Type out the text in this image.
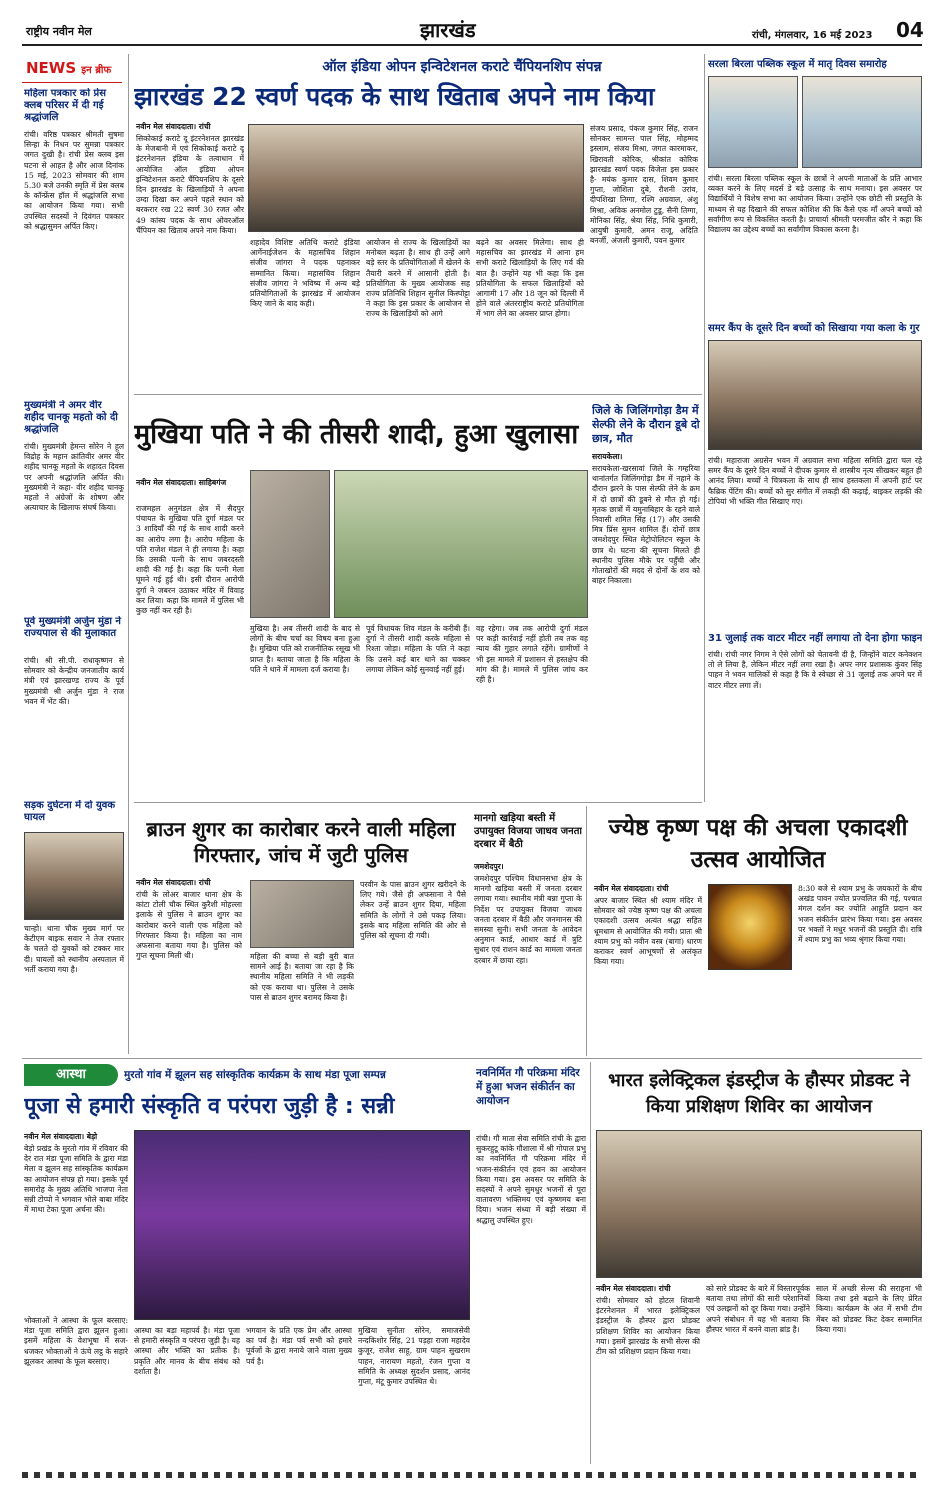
राष्ट्रीय नवीन मेल	झारखंड	रांची, मंगलवार, 16 मई 2023 04
NEWS इन ब्रीफ
महिला पत्रकार को प्रेस क्लब परिसर में दी गई श्रद्धांजलि
रांची। वरिष्ठ पत्रकार श्रीमती सुषमा सिन्हा के निधन पर सुमन्ना पत्रकार जगत दुखी है। रांची प्रेस क्लब इस घटना से आहत है और आज दिनांक 15 मई, 2023 सोमवार की शाम 5.30 बजे उनकी स्मृति में प्रेस क्लब के कॉन्फ्रेंस हॉल में श्रद्धांजलि सभा का आयोजन किया गया। सभी उपस्थित सदस्यों ने दिवंगत पत्रकार को श्रद्धासुमन अर्पित किए।
मुख्यमंत्री ने अमर वीर शहीद चानकू महतो को दी श्रद्धांजलि
रांची। मुख्यमंत्री हेमन्त सोरेन ने हूल विद्रोह के महान क्रांतिवीर अमर वीर शहीद चानकू महतो के शहादत दिवस पर अपनी श्रद्धांजलि अर्पित की। मुख्यमंत्री ने कहा- वीर शहीद चानकू महतो ने अंग्रेजों के शोषण और अत्याचार के खिलाफ संघर्ष किया।
पूर्व मुख्यमंत्री अर्जुन मुंडा ने राज्यपाल से की मुलाकात
रांची। श्री सी.पी. राधाकृष्णन से सोमवार को केन्द्रीय जनजातीय कार्य मंत्री एवं झारखण्ड राज्य के पूर्व मुख्यमंत्री श्री अर्जुन मुंडा ने राज भवन में भेंट की।
सड़क दुर्घटना में दो युवक घायल
चान्हो। थाना चौक मुख्य मार्ग पर केटीएम बाइक सवार ने तेज रफ्तार के चलते दो युवकों को टक्कर मार दी। घायलों को स्थानीय अस्पताल में भर्ती कराया गया है।
ऑल इंडिया ओपन इन्विटेशनल कराटे चैंपियनशिप संपन्न
झारखंड 22 स्वर्ण पदक के साथ खिताब अपने नाम किया
नवीन मेल संवाददाता। रांची
सिकोकाई कराटे दू इंटरनेशनल झारखंड के मेजबानी में एवं सिकोकाई कराटे दू इंटरनेशनल इंडिया के तत्वाधान में आयोजित ऑल इंडिया ओपन इन्विटेशनल कराटे चैंपियनशिप के दूसरे दिन झारखंड के खिलाड़ियों ने अपना उम्दा दिखा कर अपने पहले स्थान को बरकरार रख 22 स्वर्ण 30 रजत और 49 कांस्य पदक के साथ ओवरऑल चैंपियन का खिताब अपने नाम किया।
शहादेव विशिष्ट अतिथि कराटे इंडिया आर्गेनाईजेशन के महासचिव शिहान संजीव जांगरा ने पदक पहनाकर सम्मानित किया। महासचिव शिहान संजीव जांगरा ने भविष्य में अन्य बड़े प्रतियोगिताओं के झारखंड में आयोजन किए जाने के बाद कही।
आयोजन से राज्य के खिलाड़ियों का मनोबल बढ़ता है। साथ ही उन्हें आगे बड़े स्तर के प्रतियोगिताओं में खेलने के तैयारी करने में आसानी होती है। प्रतियोगिता के मुख्य आयोजक सह राज्य प्रतिनिधि शिहान सुनील किस्पोट्टा ने कहा कि इस प्रकार के आयोजन से राज्य के खिलाड़ियों को आगे
बढ़ने का अवसर मिलेगा। साथ ही महासचिव का झारखंड में आना हम सभी कराटे खिलाड़ियों के लिए गर्व की बात है। उन्होंने यह भी कहा कि इस प्रतियोगिता के सफल खिलाड़ियों को आगामी 17 और 18 जून को दिल्ली में होने वाले अंतरराष्ट्रीय कराटे प्रतियोगिता में भाग लेने का अवसर प्राप्त होगा।
संजय प्रसाद, पंकज कुमार सिंह, राजन सोनकर सामन्त पाल सिंह, मोहम्मद इस्लाम, संजय मिश्रा, जगत कारमाकर, खिरावती कोरिक, श्रीकांत कोरिक झारखंड स्वर्ण पदक विजेता इस प्रकार है- मयंक कुमार दास, शिवम कुमार गुप्ता, जोशिता दुबे, रौशनी उरांव, दीपशिखा तिग्गा, रश्मि अग्रवाल, अंशु मिश्रा, अविक अनमोल टुडू, सैनी तिग्गा, मोनिका सिंह, श्रेया सिंह, निधि कुमारी, आयुषी कुमारी, अमन राजू, अदिति बनर्जी, अंजली कुमारी, पवन कुमार
मुखिया पति ने की तीसरी शादी, हुआ खुलासा
नवीन मेल संवाददाता। साहिबगंज
राजमहल अनुमंडल क्षेत्र में सैदपुर पंचायत के मुखिया पति दुर्गा मंडल पर 3 शादियाँ की गई के साथ शादी करने का आरोप लगा है। आरोप महिला के पति राजेश मंडल ने ही लगाया है। कहा कि उसकी पत्नी के साथ जबरदस्ती शादी की गई है। कहा कि पत्नी मेला घूमने गई हुई थी। इसी दौरान आरोपी दुर्गा ने जबरन उठाकर मंदिर में विवाह कर लिया। कहा कि मामले में पुलिस भी कुछ नहीं कर रही है।
मुखिया है। अब तीसरी शादी के बाद से लोगों के बीच चर्चा का विषय बना हुआ है। मुखिया पति को राजनीतिक रसूख भी प्राप्त है। बताया जाता है कि महिला के पति ने थाने में मामला दर्ज कराया है।
पूर्व विधायक शिव मंडल के करीबी हैं। दुर्गा ने तीसरी शादी करके महिला से रिश्ता जोड़ा। महिला के पति ने कहा कि उसने कई बार थाने का चक्कर लगाया लेकिन कोई सुनवाई नहीं हुई।
वह रहेगा। जब तक आरोपी दुर्गा मंडल पर कड़ी कार्रवाई नहीं होती तब तक वह न्याय की गुहार लगाते रहेंगे। ग्रामीणों ने भी इस मामले में प्रशासन से हस्तक्षेप की मांग की है। मामले में पुलिस जांच कर रही है।
जिले के जिलिंगगोड़ा डैम में सेल्फी लेने के दौरान डूबे दो छात्र, मौत
सरायकेला।
सरायकेला-खरसावां जिले के गम्हरिया थानांतर्गत जिलिंगगोड़ा डैम में नहाने के दौरान झरने के पास सेल्फी लेने के क्रम में दो छात्रों की डूबने से मौत हो गई। मृतक छात्रों में यमुनाबिहार के रहने वाले निवासी शमित सिंह (17) और उसकी मित्र प्रिंस सुमन शामिल हैं। दोनों छात्र जमशेदपुर स्थित मेट्रोपोलिटन स्कूल के छात्र थे। घटना की सूचना मिलते ही स्थानीय पुलिस मौके पर पहुँची और गोताखोरों की मदद से दोनों के शव को बाहर निकाला।
सरला बिरला पब्लिक स्कूल में मातृ दिवस समारोह
रांची। सरला बिरला पब्लिक स्कूल के छात्रों ने अपनी माताओं के प्रति आभार व्यक्त करने के लिए मदर्स डे बड़े उत्साह के साथ मनाया। इस अवसर पर विद्यार्थियों ने विशेष सभा का आयोजन किया। उन्होंने एक छोटी सी प्रस्तुति के माध्यम से यह दिखाने की सफल कोशिश की कि कैसे एक माँ अपने बच्चों को सर्वांगीण रूप से विकसित करती है। प्राचार्या श्रीमती परमजीत कौर ने कहा कि विद्यालय का उद्देश्य बच्चों का सर्वांगीण विकास करना है।
समर कैंप के दूसरे दिन बच्चों को सिखाया गया कला के गुर
रांची। महाराजा अग्रसेन भवन में अग्रवाल सभा महिला समिति द्वारा चल रहे समर कैंप के दूसरे दिन बच्चों ने दीपक कुमार से शास्त्रीय नृत्य सीखकर बहुत ही आनंद लिया। बच्चों ने चित्रकला के साथ ही साथ हस्तकला में अपनी हार्ट पर फैब्रिक पेंटिंग की। बच्चों को सुर संगीत में लकड़ी की कढ़ाई, बाइकर लड़की की टोपियां भी भक्ति गीत सिखाए गए।
31 जुलाई तक वाटर मीटर नहीं लगाया तो देना होगा फाइन
रांची। रांची नगर निगम ने ऐसे लोगों को चेतावनी दी है, जिन्होंने वाटर कनेक्शन तो ले लिया है, लेकिन मीटर नहीं लगा रखा है। अपर नगर प्रशासक कुंवर सिंह पाहन ने भवन मालिकों से कहा है कि वे स्वेच्छा से 31 जुलाई तक अपने घर में वाटर मीटर लगा लें।
ब्राउन शुगर का कारोबार करने वाली महिला गिरफ्तार, जांच में जुटी पुलिस
नवीन मेल संवाददाता। रांची
रांची के लोअर बाजार थाना क्षेत्र के कांटा टोली चौक स्थित कुरैशी मोहल्ला इलाके से पुलिस ने ब्राउन शुगर का कारोबार करने वाली एक महिला को गिरफ्तार किया है। महिला का नाम अफसाना बताया गया है। पुलिस को गुप्त सूचना मिली थी।	महिला की बच्चा से बड़ी बुरी बात सामने आई है। बताया जा रहा है कि स्थानीय महिला समिति ने भी लड़की को एक कराया था। पुलिस ने उसके पास से ब्राउन शुगर बरामद किया है।
परवीन के पास ब्राउन शुगर खरीदने के लिए गये। जैसे ही अफसाना ने पैसे लेकर उन्हें ब्राउन शुगर दिया, महिला समिति के लोगों ने उसे पकड़ लिया। इसके बाद महिला समिति की ओर से पुलिस को सूचना दी गयी।
मानगो खड़िया बस्ती में उपायुक्त विजया जाधव जनता दरबार में बैठी
जमशेदपुर।
जमशेदपुर पश्चिम विधानसभा क्षेत्र के मानगो खड़िया बस्ती में जनता दरबार लगाया गया। स्थानीय मंत्री बन्ना गुप्ता के निर्देश पर उपायुक्त विजया जाधव जनता दरबार में बैठी और जनमानस की समस्या सुनी। सभी जनता के आवेदन अनुमान कार्ड, आधार कार्ड में त्रुटि सुधार एवं राशन कार्ड का मामला जनता दरबार में छाया रहा।
ज्येष्ठ कृष्ण पक्ष की अचला एकादशी उत्सव आयोजित
नवीन मेल संवाददाता। रांची
अपर बाजार स्थित श्री श्याम मंदिर में सोमवार को ज्येष्ठ कृष्ण पक्ष की अचला एकादशी उत्सव अत्यंत श्रद्धा सहित धूमधाम से आयोजित की गयी। प्रातः श्री श्याम प्रभु को नवीन वस्त्र (बागा) धारण कराकर स्वर्ण आभूषणों से अलंकृत किया गया।
8:30 बजे से श्याम प्रभु के जयकारों के बीच अखंड पावन ज्योत प्रज्वलित की गई, पश्चात मंगल दर्शन कर ज्योति आहुति प्रदान कर भजन संकीर्तन प्रारंभ किया गया। इस अवसर पर भक्तों ने मधुर भजनों की प्रस्तुति दी। रात्रि में श्याम प्रभु का भव्य श्रृंगार किया गया।
आस्था	मुरतो गांव में झूलन सह सांस्कृतिक कार्यक्रम के साथ मंडा पूजा सम्पन्न
पूजा से हमारी संस्कृति व परंपरा जुड़ी है : सन्नी
नवीन मेल संवाददाता। बेड़ो
बेड़ो प्रखंड के मुरतो गांव में रविवार की देर रात मंडा पूजा समिति के द्वारा मंडा मेला व झूलन सह सांस्कृतिक कार्यक्रम का आयोजन संपन्न हो गया। इसके पूर्व समारोह के मुख्य अतिथि भाजपा नेता सन्नी टोप्पो ने भगवान भोले बाबा मंदिर में माथा टेका पूजा अर्चना की।
भोक्ताओं ने आस्था के फूल बरसाए: मंडा पूजा समिति द्वारा झूलन हुआ। इसमें महिला के वेशभूषा में सज-धजकर भोक्ताओं ने ऊंचे लट्ठ के सहारे झूलकर आस्था के फूल बरसाए।
आस्था का बड़ा महापर्व है। मंडा पूजा से हमारी संस्कृति व परंपरा जुड़ी है। यह आस्था और भक्ति का प्रतीक है। प्रकृति और मानव के बीच संबंध को दर्शाता है।
भगवान के प्रति एक प्रेम और आस्था का पर्व है। मंडा पर्व सभी को हमारे पूर्वजों के द्वारा मनाये जाने वाला मुख्य पर्व है।
मुखिया सुनीता सोरेन, समाजसेवी नन्दकिशोर सिंह, 21 पड़हा राजा महादेव कुजूर, राजेश साहू, ग्राम पाहन सुखराम पाहन, नारायण महतो, रंजन गुप्ता व समिति के अध्यक्ष सुदर्शन प्रसाद, आनंद गुप्ता, मंटू कुमार उपस्थित थे।
नवनिर्मित गौ परिक्रमा मंदिर में हुआ भजन संकीर्तन का आयोजन
रांची। गौ माता सेवा समिति रांची के द्वारा सुकरहुटू कांके गौशाला में श्री गोपाल प्रभु का नवनिर्मित गौ परिक्रमा मंदिर में भजन-संकीर्तन एवं हवन का आयोजन किया गया। इस अवसर पर समिति के सदस्यों ने अपने सुमधुर भजनों से पूरा वातावरण भक्तिमय एवं कृष्णमय बना दिया। भजन संध्या में बड़ी संख्या में श्रद्धालु उपस्थित हुए।
भारत इलेक्ट्रिकल इंडस्ट्रीज के हौस्पर प्रोडक्ट ने किया प्रशिक्षण शिविर का आयोजन
नवीन मेल संवाददाता। रांची
रांची। सोमवार को होटल शिवानी इंटरनेशनल में भारत इलेक्ट्रिकल इंडस्ट्रीज के हौस्पर द्वारा प्रोडक्ट प्रशिक्षण शिविर का आयोजन किया गया। इसमें झारखंड के सभी सेल्स की टीम को प्रशिक्षण प्रदान किया गया।
को सारे प्रोडक्ट के बारे में विस्तारपूर्वक बताया तथा लोगों की सारी परेशानियों एवं उलझनों को दूर किया गया। उन्होंने अपने संबोधन में यह भी बताया कि हौस्पर भारत में बनने वाला ब्रांड है।
साल में अच्छी सेल्स की सराहना भी किया तथा इसे बढ़ाने के लिए प्रेरित किया। कार्यक्रम के अंत में सभी टीम मेंबर को प्रोडक्ट किट देकर सम्मानित किया गया।
